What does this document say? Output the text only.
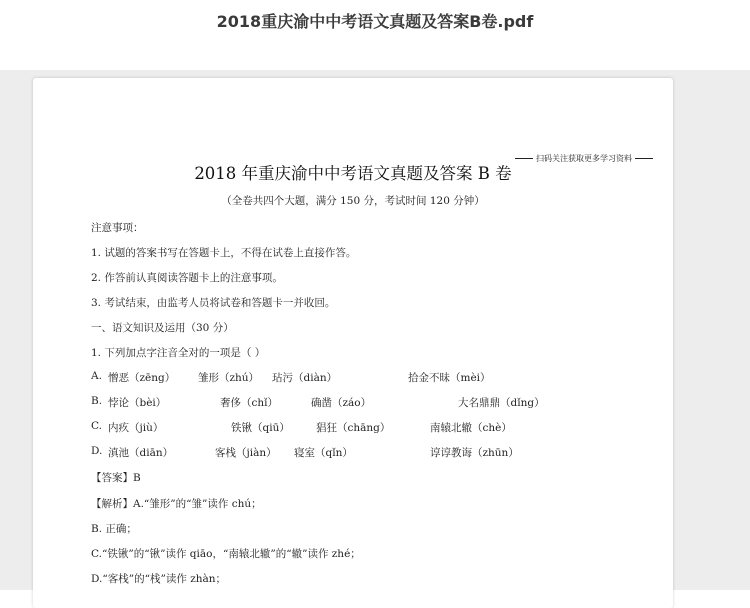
2018重庆渝中中考语文真题及答案B卷.pdf
扫码关注获取更多学习资料
2018 年重庆渝中中考语文真题及答案 B 卷
（全卷共四个大题，满分 150 分，考试时间 120 分钟）
注意事项：
1. 试题的答案书写在答题卡上，不得在试卷上直接作答。
2. 作答前认真阅读答题卡上的注意事项。
3. 考试结束，由监考人员将试卷和答题卡一并收回。
一、语文知识及运用（30 分）
1. 下列加点字注音全对的一项是（ ）
A. 憎恶（zēng） 雏形（zhú） 玷污（diàn）	拾金不昧（mèi）
B. 悖论（bèi）	奢侈（chǐ）	确凿（záo）	大名鼎鼎（dǐng）
C. 内疚（jiù）	铁锹（qiū） 猖狂（chāng）	南辕北辙（chè）
D. 滇池（diān）	客栈（jiàn） 寝室（qǐn）	谆谆教诲（zhūn）
【答案】B
【解析】A.“雏形”的“雏”读作 chú；
B. 正确；
C.“铁锹”的“锹”读作 qiāo，“南辕北辙”的“辙”读作 zhé；
D.“客栈”的“栈”读作 zhàn；
